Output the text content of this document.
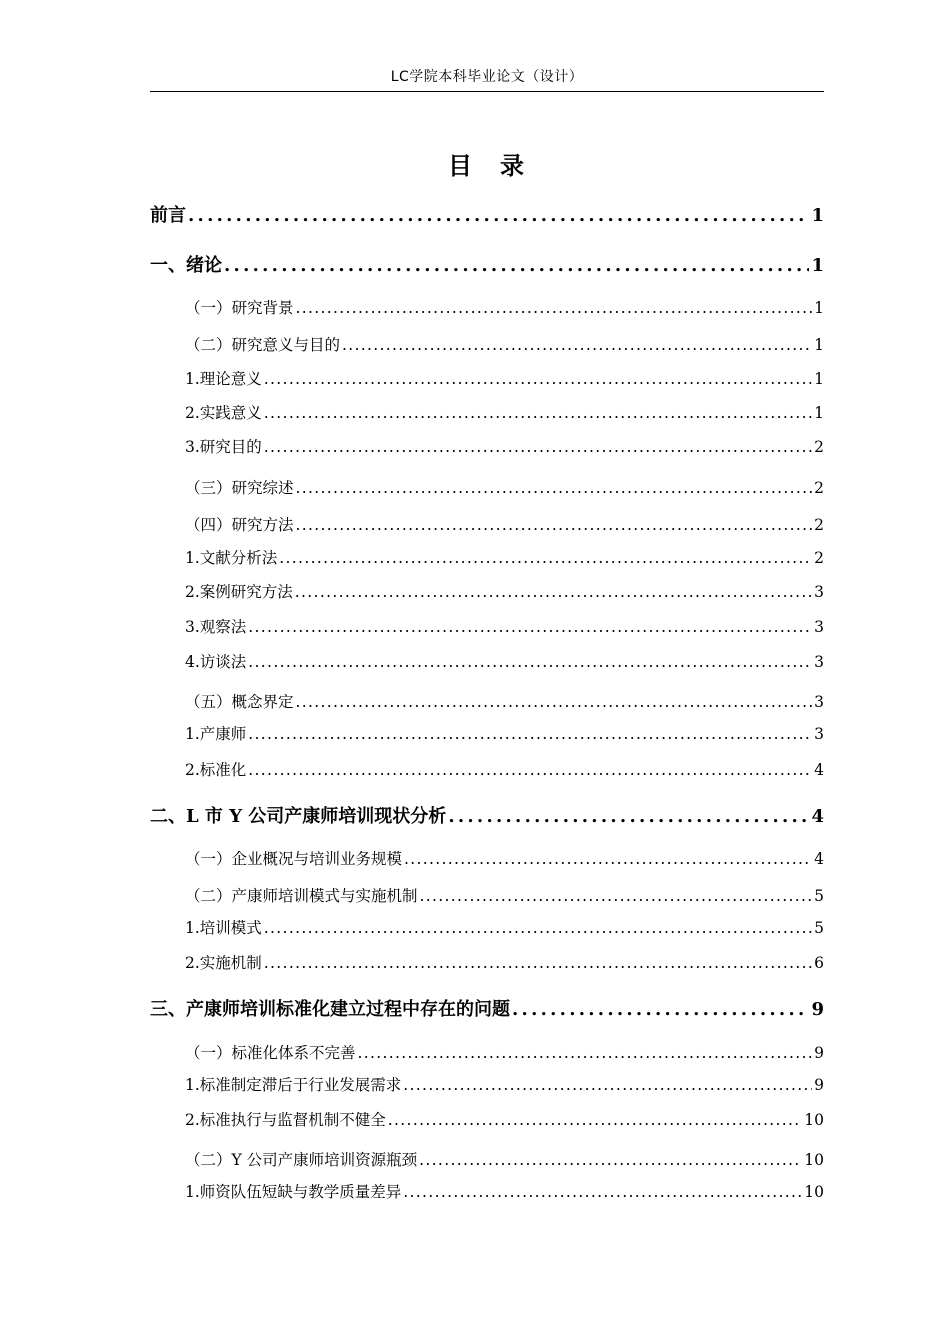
LC学院本科毕业论文（设计）
目 录
前言 . . .	1
一、绪论 . . .	1
（一）研究背景 . . .	1
（二）研究意义与目的 . . .	1
1.理论意义 . . .	1
2.实践意义 . . .	1
3.研究目的 . . .	2
（三）研究综述 . . .	2
（四）研究方法 . . .	2
1.文献分析法 . . .	2
2.案例研究方法 . . .	3
3.观察法 . . .	3
4.访谈法 . . .	3
（五）概念界定 . . .	3
1.产康师 . . .	3
2.标准化 . . .	4
二、L 市 Y 公司产康师培训现状分析 . . .	4
（一）企业概况与培训业务规模 . . .	4
（二）产康师培训模式与实施机制 . . .	5
1.培训模式 . . .	5
2.实施机制 . . .	6
三、产康师培训标准化建立过程中存在的问题 . . .	9
（一）标准化体系不完善 . . .	9
1.标准制定滞后于行业发展需求 . . .	9
2.标准执行与监督机制不健全 . . .	10
（二）Y 公司产康师培训资源瓶颈 . . .	10
1.师资队伍短缺与教学质量差异 . . .	10
